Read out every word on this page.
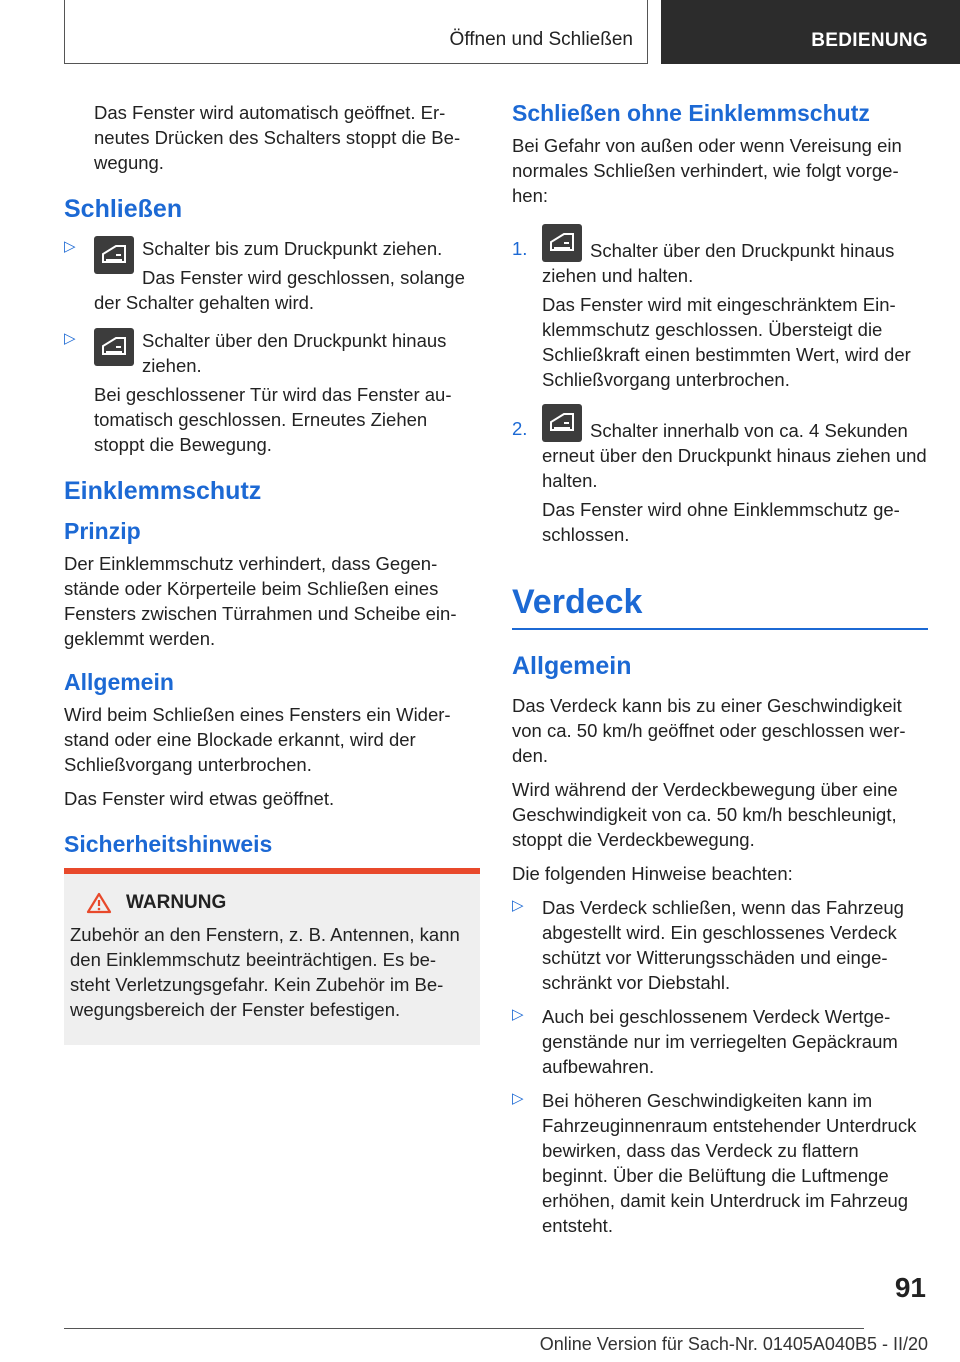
Öffnen und Schließen	BEDIENUNG

Das Fenster wird automatisch geöffnet. Erneutes Drücken des Schalters stoppt die Bewegung.

Schließen
▷	Schalter bis zum Druckpunkt ziehen.

Das Fenster wird geschlossen, solange der Schalter gehalten wird.

▷	Schalter über den Druckpunkt hinaus ziehen.

Bei geschlossener Tür wird das Fenster automatisch geschlossen. Erneutes Ziehen stoppt die Bewegung.

Einklemmschutz
Prinzip

Der Einklemmschutz verhindert, dass Gegenstände oder Körperteile beim Schließen eines Fensters zwischen Türrahmen und Scheibe eingeklemmt werden.

Allgemein

Wird beim Schließen eines Fensters ein Widerstand oder eine Blockade erkannt, wird der Schließvorgang unterbrochen.

Das Fenster wird etwas geöffnet.

Sicherheitshinweis
WARNUNG

Zubehör an den Fenstern, z. B. Antennen, kann den Einklemmschutz beeinträchtigen. Es besteht Verletzungsgefahr. Kein Zubehör im Bewegungsbereich der Fenster befestigen.

Schließen ohne Einklemmschutz

Bei Gefahr von außen oder wenn Vereisung ein normales Schließen verhindert, wie folgt vorgehen:

1.	Schalter über den Druckpunkt hinaus ziehen und halten.

Das Fenster wird mit eingeschränktem Einklemmschutz geschlossen. Übersteigt die Schließkraft einen bestimmten Wert, wird der Schließvorgang unterbrochen.

2.	Schalter innerhalb von ca. 4 Sekunden erneut über den Druckpunkt hinaus ziehen und halten.

Das Fenster wird ohne Einklemmschutz geschlossen.

Verdeck
Allgemein

Das Verdeck kann bis zu einer Geschwindigkeit von ca. 50 km/h geöffnet oder geschlossen werden.

Wird während der Verdeckbewegung über eine Geschwindigkeit von ca. 50 km/h beschleunigt, stoppt die Verdeckbewegung.

Die folgenden Hinweise beachten:

▷ Das Verdeck schließen, wenn das Fahrzeug abgestellt wird. Ein geschlossenes Verdeck schützt vor Witterungsschäden und eingeschränkt vor Diebstahl.

▷ Auch bei geschlossenem Verdeck Wertgegenstände nur im verriegelten Gepäckraum aufbewahren.

▷ Bei höheren Geschwindigkeiten kann im Fahrzeuginnenraum entstehender Unterdruck bewirken, dass das Verdeck zu flattern beginnt. Über die Belüftung die Luftmenge erhöhen, damit kein Unterdruck im Fahrzeug entsteht.

91
Online Version für Sach-Nr. 01405A040B5 - II/20
